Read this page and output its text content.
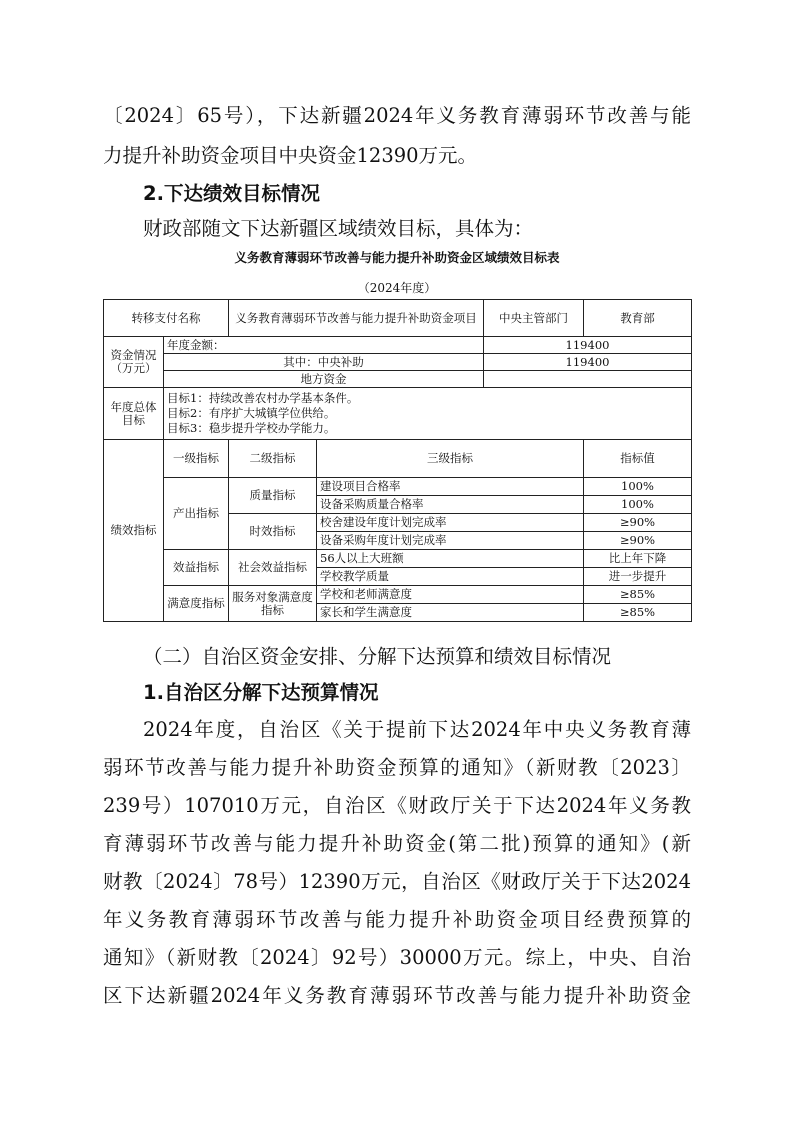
〔2024〕65号），下达新疆2024年义务教育薄弱环节改善与能

力提升补助资金项目中央资金12390万元。

2.下达绩效目标情况

财政部随文下达新疆区域绩效目标，具体为：

义务教育薄弱环节改善与能力提升补助资金区域绩效目标表

（2024年度）

转移支付名称		义务教育薄弱环节改善与能力提升补助资金项目		中央主管部门	教育部
资金情况（万元）	年度金额：			119400	
	其中：中央补助			119400	
	地方资金				
年度总体目标	目标1：持续改善农村办学基本条件。
目标2：有序扩大城镇学位供给。
目标3：稳步提升学校办学能力。				

绩效指标	一级指标	二级指标	三级指标		指标值
	产出指标	质量指标	建设项目合格率		100%
			设备采购质量合格率		100%
		时效指标	校舍建设年度计划完成率		≥90%
			设备采购年度计划完成率		≥90%
	效益指标	社会效益指标	56人以上大班额		比上年下降
			学校教学质量		进一步提升
	满意度指标	服务对象满意度指标	学校和老师满意度		≥85%
			家长和学生满意度		≥85%

（二）自治区资金安排、分解下达预算和绩效目标情况

1.自治区分解下达预算情况

2024年度，自治区《关于提前下达2024年中央义务教育薄

弱环节改善与能力提升补助资金预算的通知》（新财教〔2023〕

239号）107010万元，自治区《财政厅关于下达2024年义务教

育薄弱环节改善与能力提升补助资金(第二批)预算的通知》(新

财教〔2024〕78号）12390万元，自治区《财政厅关于下达2024

年义务教育薄弱环节改善与能力提升补助资金项目经费预算的

通知》（新财教〔2024〕92号）30000万元。综上，中央、自治

区下达新疆2024年义务教育薄弱环节改善与能力提升补助资金
